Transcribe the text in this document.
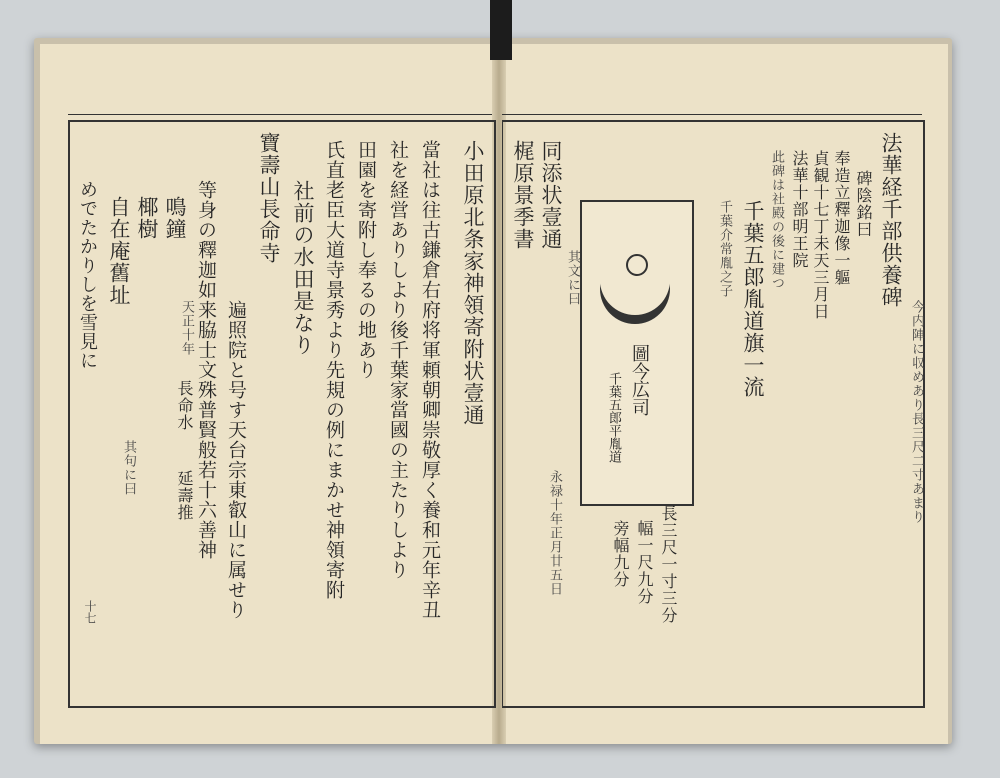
法華経千部供養碑
碑陰銘曰
奉造立釋迦像一軀
貞観十七丁未天三月日
法華十部明王院
今内陣に収めあり長三尺二寸あまり
此碑は社殿の後に建つ
千葉五郎胤道旗一流
千葉介常胤之子
同添状壹通
梶原景季書
其文に曰
永禄十年正月廿五日
圖今広司
千葉五郎平胤道
長三尺一寸三分
幅一尺九分
旁幅九分
小田原北条家神領寄附状壹通
當社は往古鎌倉右府将軍頼朝卿崇敬厚く養和元年辛丑
社を経営ありしより後千葉家當國の主たりしより
田園を寄附し奉るの地あり
氏直老臣大道寺景秀より先規の例にまかせ神領寄附
社前の水田是なり
寶壽山長命寺
遍照院と号す天台宗東叡山に属せり
等身の釋迦如来脇士文殊普賢般若十六善神
鳴鐘
椰樹
自在庵舊址
めでたかりしを雪見に	天正十年
長命水
延壽推
其句に曰
十七
